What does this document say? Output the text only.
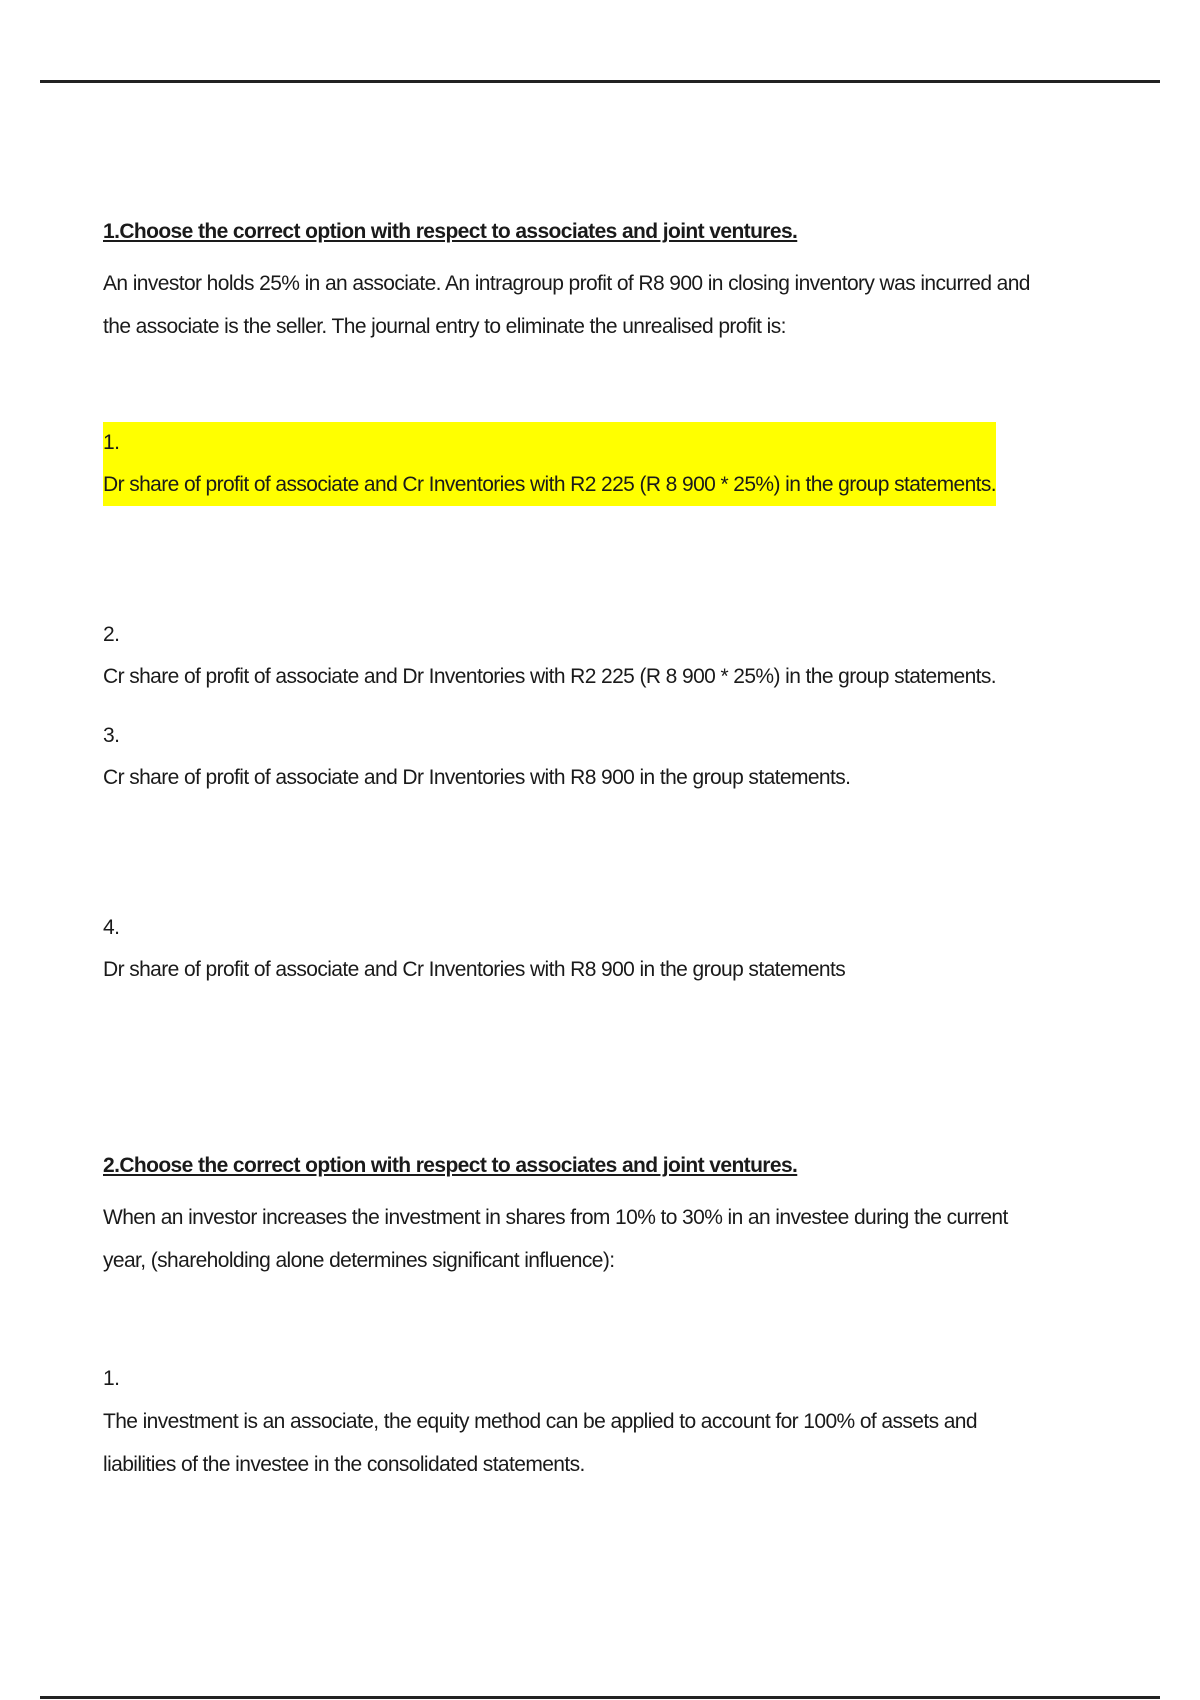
1.Choose the correct option with respect to associates and joint ventures.

An investor holds 25% in an associate. An intragroup profit of R8 900 in closing inventory was incurred and the associate is the seller. The journal entry to eliminate the unrealised profit is:

1.
Dr share of profit of associate and Cr Inventories with R2 225 (R 8 900 * 25%) in the group statements.
2.
Cr share of profit of associate and Dr Inventories with R2 225 (R 8 900 * 25%) in the group statements.
3.
Cr share of profit of associate and Dr Inventories with R8 900 in the group statements.
4.
Dr share of profit of associate and Cr Inventories with R8 900 in the group statements

2.Choose the correct option with respect to associates and joint ventures.

When an investor increases the investment in shares from 10% to 30% in an investee during the current year, (shareholding alone determines significant influence):

1.
The investment is an associate, the equity method can be applied to account for 100% of assets and liabilities of the investee in the consolidated statements.
